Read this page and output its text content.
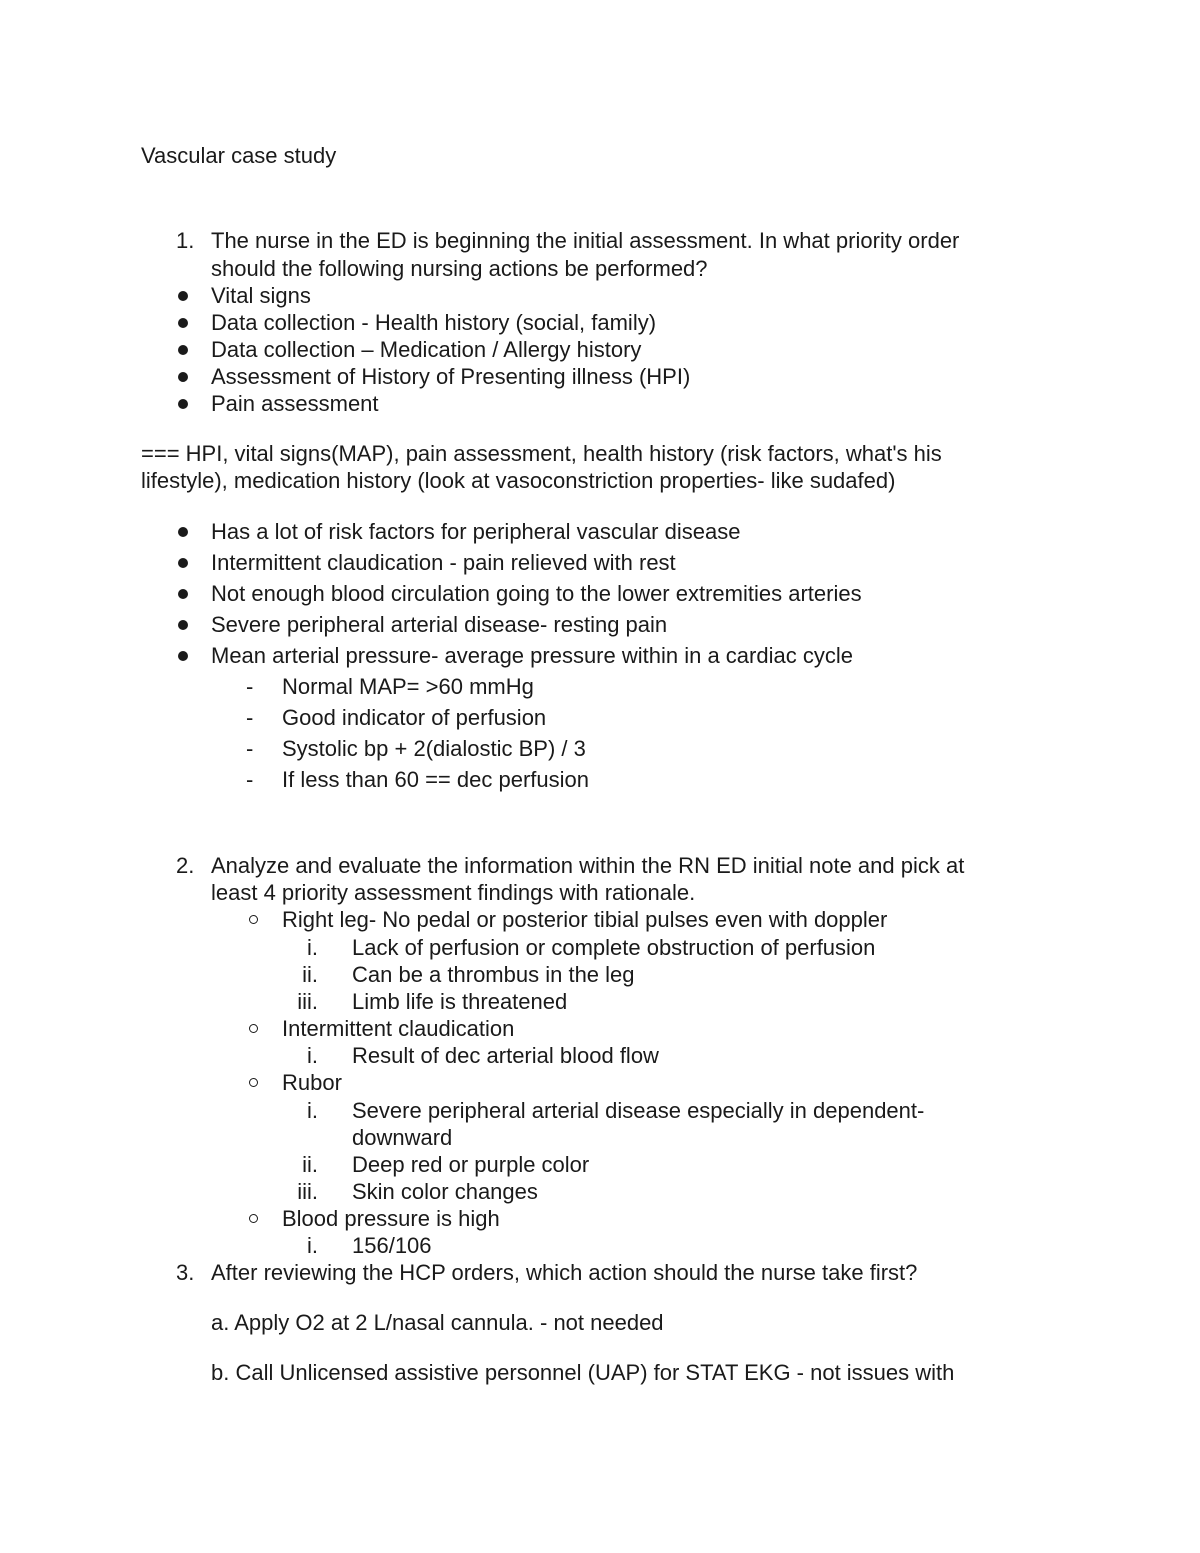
Vascular case study
1. The nurse in the ED is beginning the initial assessment. In what priority order
should the following nursing actions be performed?
Vital signs
Data collection - Health history (social, family)
Data collection – Medication / Allergy history
Assessment of History of Presenting illness (HPI)
Pain assessment
=== HPI, vital signs(MAP), pain assessment, health history (risk factors, what's his
lifestyle), medication history (look at vasoconstriction properties- like sudafed)
Has a lot of risk factors for peripheral vascular disease
Intermittent claudication - pain relieved with rest
Not enough blood circulation going to the lower extremities arteries
Severe peripheral arterial disease- resting pain
Mean arterial pressure- average pressure within in a cardiac cycle
- Normal MAP= >60 mmHg
- Good indicator of perfusion
- Systolic bp + 2(dialostic BP) / 3
- If less than 60 == dec perfusion
2. Analyze and evaluate the information within the RN ED initial note and pick at
least 4 priority assessment findings with rationale.
Right leg- No pedal or posterior tibial pulses even with doppler
i. Lack of perfusion or complete obstruction of perfusion
ii. Can be a thrombus in the leg
iii. Limb life is threatened
Intermittent claudication
i. Result of dec arterial blood flow
Rubor
i. Severe peripheral arterial disease especially in dependent-
downward
ii. Deep red or purple color
iii. Skin color changes
Blood pressure is high
i. 156/106
3. After reviewing the HCP orders, which action should the nurse take first?
a. Apply O2 at 2 L/nasal cannula. - not needed
b. Call Unlicensed assistive personnel (UAP) for STAT EKG - not issues with
